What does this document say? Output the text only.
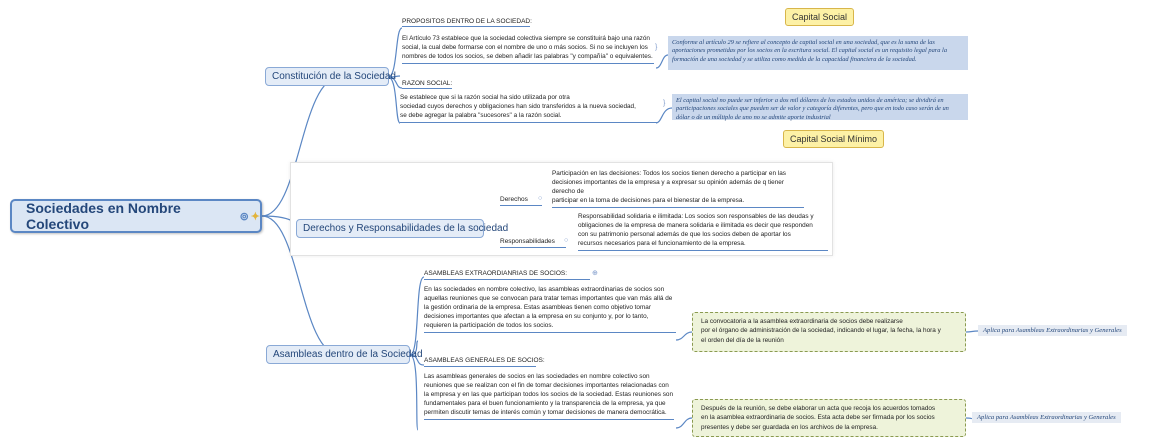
Sociedades en Nombre Colectivo	⊚ ✦
Constitución de la Sociedad
PROPOSITOS DENTRO DE LA SOCIEDAD:
El Artículo 73 establece que la sociedad colectiva siempre se constituirá bajo una razón social, la cual debe formarse con el nombre de uno o más socios. Si no se incluyen los nombres de todos los socios, se deben añadir las palabras "y compañía" o equivalentes.
}
Conforme al artículo 29 se refiere al concepto de capital social en una sociedad, que es la suma de las aportaciones prometidas por los socios en la escritura social. El capital social es un requisito legal para la formación de una sociedad y se utiliza como medida de la capacidad financiera de la sociedad.
Capital Social
RAZON SOCIAL:
Se establece que si la razón social ha sido utilizada por otra
sociedad cuyos derechos y obligaciones han sido transferidos a la nueva sociedad,
se debe agregar la palabra "sucesores" a la razón social.
}	El capital social no puede ser inferior a dos mil dólares de los estados unidos de américa; se dividirá en participaciones sociales que pueden ser de valor y categoría diferentes, pero que en todo caso serán de un dólar o de un múltiplo de uno no se admite aporte industrial
Capital Social Mínimo
Derechos y Responsabilidades de la sociedad
Derechos	○
Participación en las decisiones: Todos los socios tienen derecho a participar en las
decisiones importantes de la empresa y a expresar su opinión además de q tiener
derecho de
participar en la toma de decisiones para el bienestar de la empresa.
Responsabilidades	○
Responsabilidad solidaria e ilimitada: Los socios son responsables de las deudas y
obligaciones de la empresa de manera solidaria e ilimitada es decir que responden
con su patrimonio personal además de que los socios deben de aportar los
recursos necesarios para el funcionamiento de la empresa.
Asambleas dentro de la Sociedad
ASAMBLEAS EXTRAORDIANRIAS DE SOCIOS:	⊕
En las sociedades en nombre colectivo, las asambleas extraordinarias de socios son aquellas reuniones que se convocan para tratar temas importantes que van más allá de la gestión ordinaria de la empresa. Estas asambleas tienen como objetivo tomar decisiones importantes que afectan a la empresa en su conjunto y, por lo tanto, requieren la participación de todos los socios.
La convocatoria a la asamblea extraordinaria de socios debe realizarse
por el órgano de administración de la sociedad, indicando el lugar, la fecha, la hora y
el orden del día de la reunión
Aplica para Asambleas Extraordinarias y Generales
ASAMBLEAS GENERALES DE SOCIOS:
Las asambleas generales de socios en las sociedades en nombre colectivo son reuniones que se realizan con el fin de tomar decisiones importantes relacionadas con la empresa y en las que participan todos los socios de la sociedad. Estas reuniones son fundamentales para el buen funcionamiento y la transparencia de la empresa, ya que permiten discutir temas de interés común y tomar decisiones de manera democrática.
Después de la reunión, se debe elaborar un acta que recoja los acuerdos tomados
en la asamblea extraordinaria de socios. Esta acta debe ser firmada por los socios
presentes y debe ser guardada en los archivos de la empresa.
Aplica para Asambleas Extraordinarias y Generales
